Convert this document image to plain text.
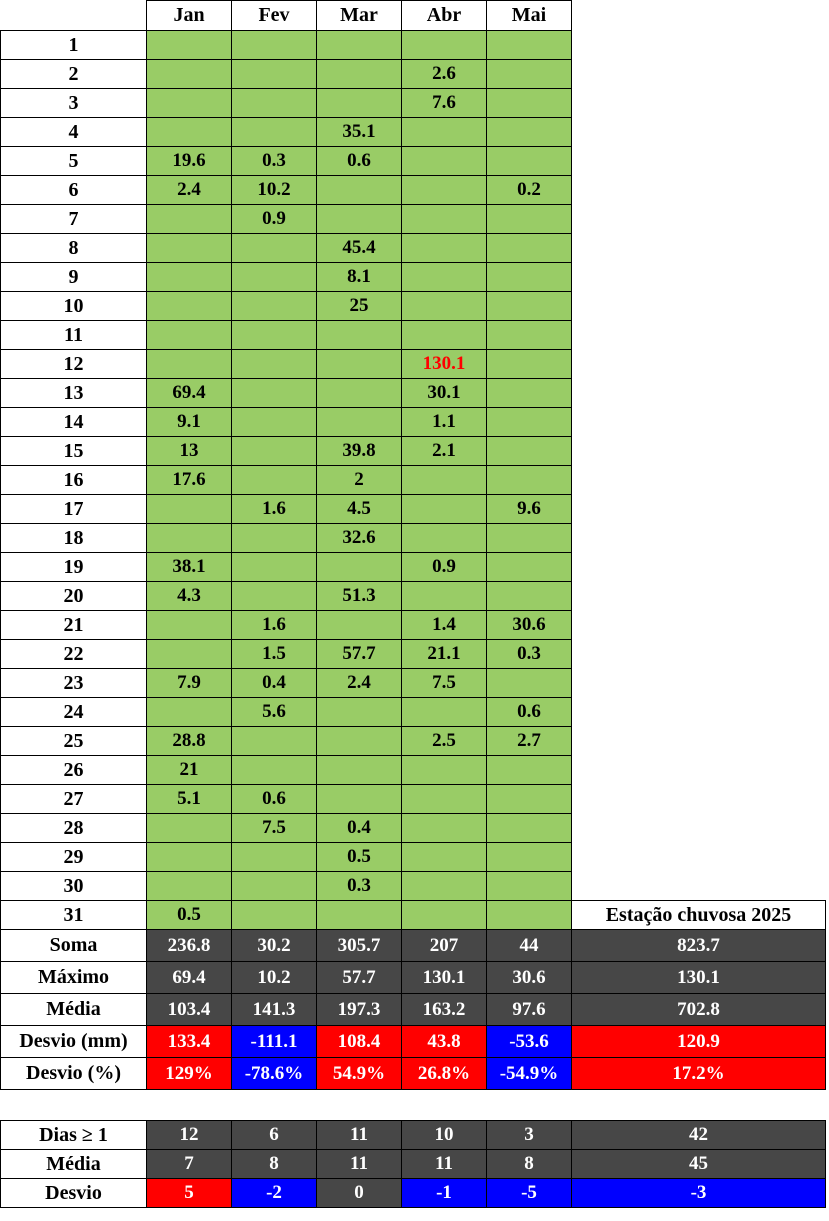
	Jan	Fev	Mar	Abr	Mai	
1						
2				2.6		
3				7.6		
4			35.1			
5	19.6	0.3	0.6			
6	2.4	10.2			0.2	
7		0.9				
8			45.4			
9			8.1			
10			25			
11						
12				130.1		
13	69.4			30.1		
14	9.1			1.1		
15	13		39.8	2.1		
16	17.6		2			
17		1.6	4.5		9.6	
18			32.6			
19	38.1			0.9		
20	4.3		51.3			
21		1.6		1.4	30.6	
22		1.5	57.7	21.1	0.3	
23	7.9	0.4	2.4	7.5		
24		5.6			0.6	
25	28.8			2.5	2.7	
26	21					
27	5.1	0.6				
28		7.5	0.4			
29			0.5			
30			0.3			
31	0.5					Estação chuvosa 2025
Soma	236.8	30.2	305.7	207	44	823.7
Máximo	69.4	10.2	57.7	130.1	30.6	130.1
Média	103.4	141.3	197.3	163.2	97.6	702.8
Desvio (mm)	133.4	-111.1	108.4	43.8	-53.6	120.9
Desvio (%)	129%	-78.6%	54.9%	26.8%	-54.9%	17.2%
Dias ≥ 1	12	6	11	10	3	42
Média	7	8	11	11	8	45
Desvio	5	-2	0	-1	-5	-3
